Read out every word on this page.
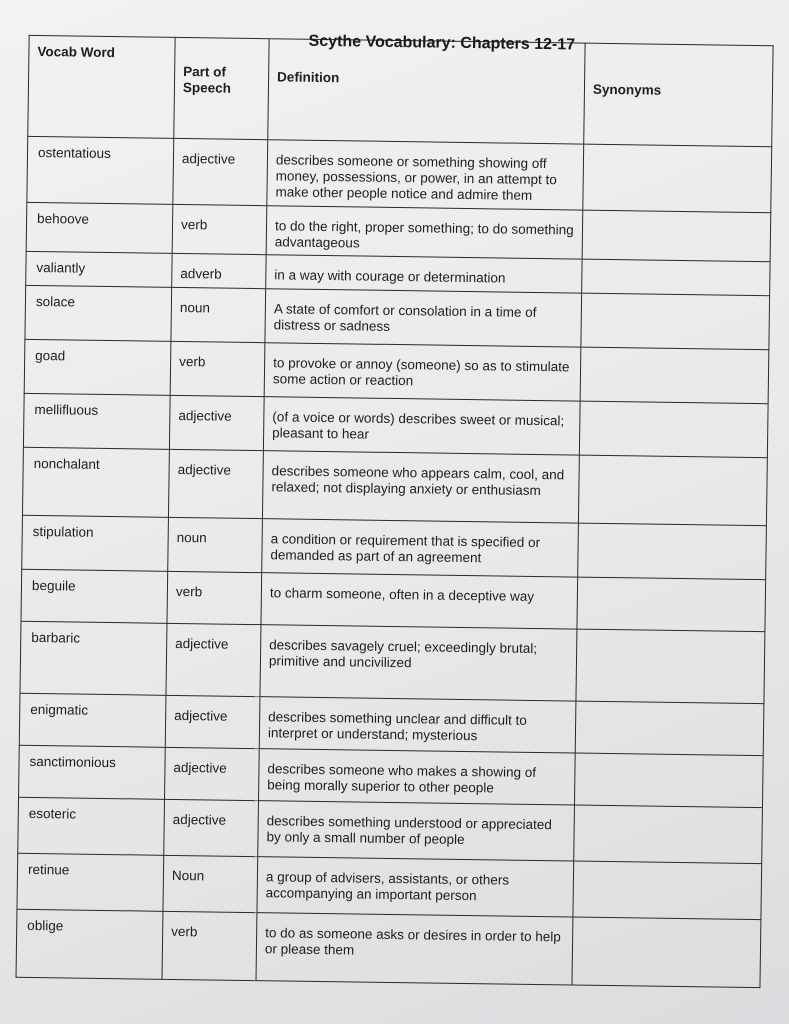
Scythe Vocabulary: Chapters 12-17
Vocab Word	Part of Speech	Definition	Synonyms
ostentatious	adjective	describes someone or something showing off money, possessions, or power, in an attempt to make other people notice and admire them	
behoove	verb	to do the right, proper something; to do something advantageous	
valiantly	adverb	in a way with courage or determination	
solace	noun	A state of comfort or consolation in a time of distress or sadness	
goad	verb	to provoke or annoy (someone) so as to stimulate some action or reaction	
mellifluous	adjective	(of a voice or words) describes sweet or musical; pleasant to hear	
nonchalant	adjective	describes someone who appears calm, cool, and relaxed; not displaying anxiety or enthusiasm	
stipulation	noun	a condition or requirement that is specified or demanded as part of an agreement	
beguile	verb	to charm someone, often in a deceptive way	
barbaric	adjective	describes savagely cruel; exceedingly brutal; primitive and uncivilized	
enigmatic	adjective	describes something unclear and difficult to interpret or understand; mysterious	
sanctimonious	adjective	describes someone who makes a showing of being morally superior to other people	
esoteric	adjective	describes something understood or appreciated by only a small number of people	
retinue	Noun	a group of advisers, assistants, or others accompanying an important person	
oblige	verb	to do as someone asks or desires in order to help or please them	
